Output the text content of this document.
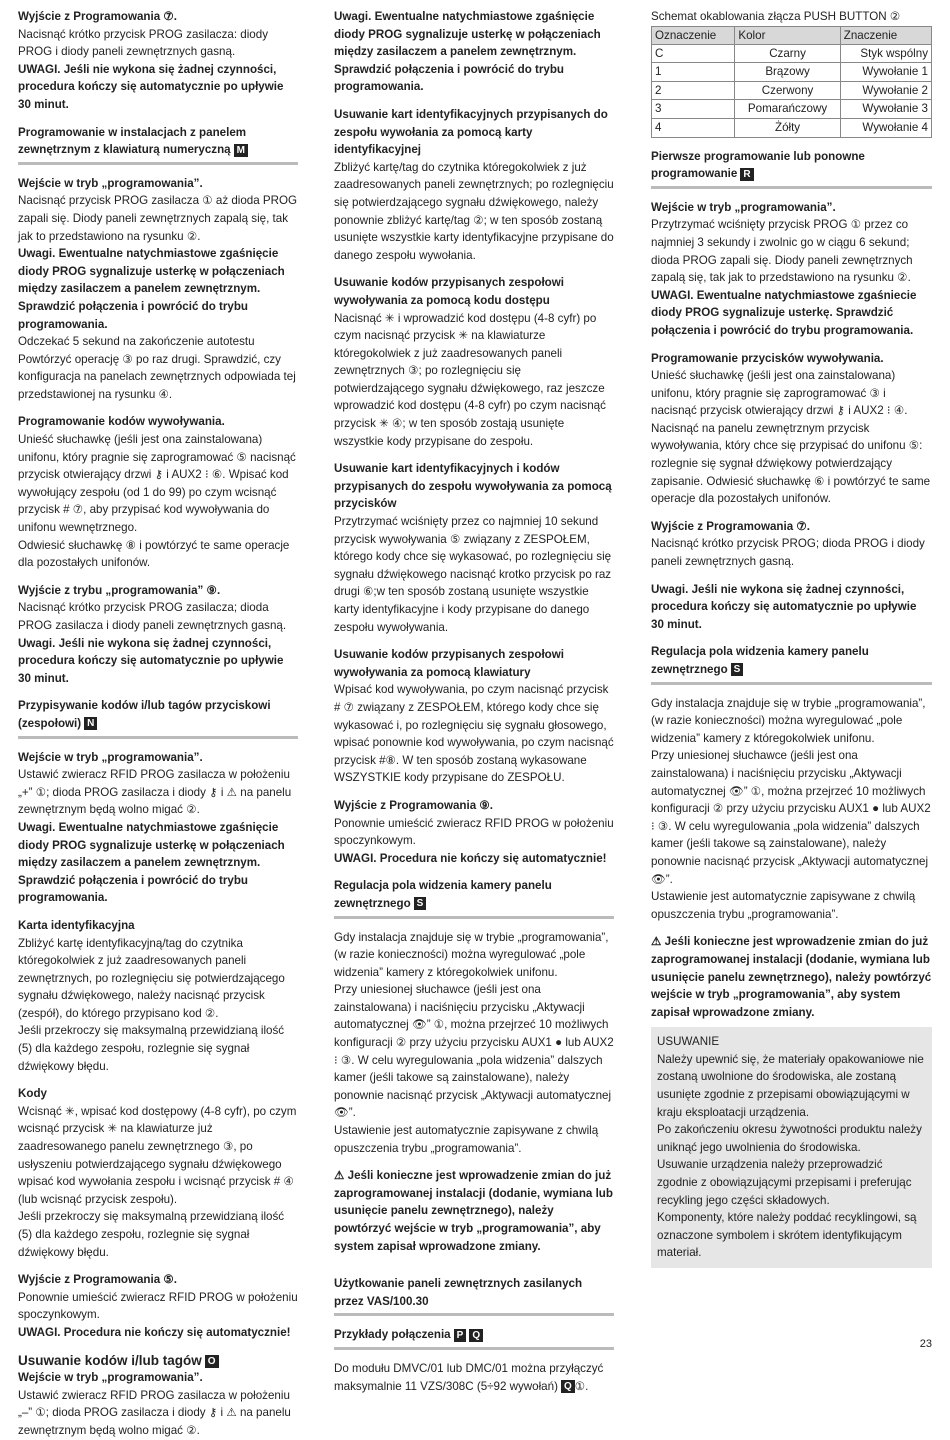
Wyjście z Programowania ⑦.

Nacisnąć krótko przycisk PROG zasilacza: diody PROG i diody paneli zewnętrznych gasną.

UWAGI. Jeśli nie wykona się żadnej czynności, procedura kończy się automatycznie po upływie 30 minut.

Programowanie w instalacjach z panelem zewnętrznym z klawiaturą numeryczną M

Wejście w tryb „programowania”.

Nacisnąć przycisk PROG zasilacza ① aż dioda PROG zapali się. Diody paneli zewnętrznych zapalą się, tak jak to przedstawiono na rysunku ②.

Uwagi. Ewentualne natychmiastowe zgaśnięcie diody PROG sygnalizuje usterkę w połączeniach między zasilaczem a panelem zewnętrznym. Sprawdzić połączenia i powrócić do trybu programowania.

Odczekać 5 sekund na zakończenie autotestu

Powtórzyć operację ③ po raz drugi. Sprawdzić, czy konfiguracja na panelach zewnętrznych odpowiada tej przedstawionej na rysunku ④.

Programowanie kodów wywoływania.

Unieść słuchawkę (jeśli jest ona zainstalowana) unifonu, który pragnie się zaprogramować ⑤ nacisnąć przycisk otwierający drzwi ⚷ i AUX2 ⁝ ⑥. Wpisać kod wywołujący zespołu (od 1 do 99) po czym wcisnąć przycisk # ⑦, aby przypisać kod wywoływania do unifonu wewnętrznego.

Odwiesić słuchawkę ⑧ i powtórzyć te same operacje dla pozostałych unifonów.

Wyjście z trybu „programowania” ⑨.

Nacisnąć krótko przycisk PROG zasilacza; dioda PROG zasilacza i diody paneli zewnętrznych gasną.

Uwagi. Jeśli nie wykona się żadnej czynności, procedura kończy się automatycznie po upływie 30 minut.

Przypisywanie kodów i/lub tagów przyciskowi (zespołowi) N

Wejście w tryb „programowania”.

Ustawić zwieracz RFID PROG zasilacza w położeniu „+” ①; dioda PROG zasilacza i diody ⚷ i ⚠ na panelu zewnętrznym będą wolno migać ②.

Uwagi. Ewentualne natychmiastowe zgaśnięcie diody PROG sygnalizuje usterkę w połączeniach między zasilaczem a panelem zewnętrznym. Sprawdzić połączenia i powrócić do trybu programowania.

Karta identyfikacyjna

Zbliżyć kartę identyfikacyjną/tag do czytnika któregokolwiek z już zaadresowanych paneli zewnętrznych, po rozlegnięciu się potwierdzającego sygnału dźwiękowego, należy nacisnąć przycisk (zespół), do którego przypisano kod ②.

Jeśli przekroczy się maksymalną przewidzianą ilość (5) dla każdego zespołu, rozlegnie się sygnał dźwiękowy błędu.

Kody

Wcisnąć ✳, wpisać kod dostępowy (4-8 cyfr), po czym wcisnąć przycisk ✳ na klawiaturze już zaadresowanego panelu zewnętrznego ③, po usłyszeniu potwierdzającego sygnału dźwiękowego wpisać kod wywołania zespołu i wcisnąć przycisk # ④ (lub wcisnąć przycisk zespołu).

Jeśli przekroczy się maksymalną przewidzianą ilość (5) dla każdego zespołu, rozlegnie się sygnał dźwiękowy błędu.

Wyjście z Programowania ⑤.

Ponownie umieścić zwieracz RFID PROG w położeniu spoczynkowym.

UWAGI. Procedura nie kończy się automatycznie!

Usuwanie kodów i/lub tagów O

Wejście w tryb „programowania”.

Ustawić zwieracz RFID PROG zasilacza w położeniu „–” ①; dioda PROG zasilacza i diody ⚷ i ⚠ na panelu zewnętrznym będą wolno migać ②.

Uwagi. Ewentualne natychmiastowe zgaśnięcie diody PROG sygnalizuje usterkę w połączeniach między zasilaczem a panelem zewnętrznym. Sprawdzić połączenia i powrócić do trybu programowania.

Usuwanie kart identyfikacyjnych przypisanych do zespołu wywołania za pomocą karty identyfikacyjnej

Zbliżyć kartę/tag do czytnika któregokolwiek z już zaadresowanych paneli zewnętrznych; po rozlegnięciu się potwierdzającego sygnału dźwiękowego, należy ponownie zbliżyć kartę/tag ②; w ten sposób zostaną usunięte wszystkie karty identyfikacyjne przypisane do danego zespołu wywołania.

Usuwanie kodów przypisanych zespołowi wywoływania za pomocą kodu dostępu

Nacisnąć ✳ i wprowadzić kod dostępu (4-8 cyfr) po czym nacisnąć przycisk ✳ na klawiaturze któregokolwiek z już zaadresowanych paneli zewnętrznych ③; po rozlegnięciu się potwierdzającego sygnału dźwiękowego, raz jeszcze wprowadzić kod dostępu (4-8 cyfr) po czym nacisnąć przycisk ✳ ④; w ten sposób zostają usunięte wszystkie kody przypisane do zespołu.

Usuwanie kart identyfikacyjnych i kodów przypisanych do zespołu wywoływania za pomocą przycisków

Przytrzymać wciśnięty przez co najmniej 10 sekund przycisk wywoływania ⑤ związany z ZESPOŁEM, którego kody chce się wykasować, po rozlegnięciu się sygnału dźwiękowego nacisnąć krotko przycisk po raz drugi ⑥;w ten sposób zostaną usunięte wszystkie karty identyfikacyjne i kody przypisane do danego zespołu wywoływania.

Usuwanie kodów przypisanych zespołowi wywoływania za pomocą klawiatury

Wpisać kod wywoływania, po czym nacisnąć przycisk # ⑦ związany z ZESPOŁEM, którego kody chce się wykasować i, po rozlegnięciu się sygnału głosowego, wpisać ponownie kod wywoływania, po czym nacisnąć przycisk #⑧. W ten sposób zostaną wykasowane WSZYSTKIE kody przypisane do ZESPOŁU.

Wyjście z Programowania ⑨.

Ponownie umieścić zwieracz RFID PROG w położeniu spoczynkowym.

UWAGI. Procedura nie kończy się automatycznie!

Regulacja pola widzenia kamery panelu zewnętrznego S

Gdy instalacja znajduje się w trybie „programowania”, (w razie konieczności) można wyregulować „pole widzenia” kamery z któregokolwiek unifonu.

Przy uniesionej słuchawce (jeśli jest ona zainstalowana) i naciśnięciu przycisku „Aktywacji automatycznej 👁” ①, można przejrzeć 10 możliwych konfiguracji ② przy użyciu przycisku AUX1 ● lub AUX2 ⁝ ③. W celu wyregulowania „pola widzenia” dalszych kamer (jeśli takowe są zainstalowane), należy ponownie nacisnąć przycisk „Aktywacji automatycznej 👁”.

Ustawienie jest automatycznie zapisywane z chwilą opuszczenia trybu „programowania”.

⚠ Jeśli konieczne jest wprowadzenie zmian do już zaprogramowanej instalacji (dodanie, wymiana lub usunięcie panelu zewnętrznego), należy powtórzyć wejście w tryb „programowania”, aby system zapisał wprowadzone zmiany.

Użytkowanie paneli zewnętrznych zasilanych przez VAS/100.30

Przykłady połączenia P Q

Do modułu DMVC/01 lub DMC/01 można przyłączyć maksymalnie 11 VZS/308C (5÷92 wywołań) Q ①.

Schemat okablowania złącza PUSH BUTTON ②

Oznaczenie	Kolor	Znaczenie
C	Czarny	Styk wspólny
1	Brązowy	Wywołanie 1
2	Czerwony	Wywołanie 2
3	Pomarańczowy	Wywołanie 3
4	Żółty	Wywołanie 4

Pierwsze programowanie lub ponowne programowanie R

Wejście w tryb „programowania”.

Przytrzymać wciśnięty przycisk PROG ① przez co najmniej 3 sekundy i zwolnic go w ciągu 6 sekund; dioda PROG zapali się. Diody paneli zewnętrznych zapalą się, tak jak to przedstawiono na rysunku ②.

UWAGI. Ewentualne natychmiastowe zgaśniecie diody PROG sygnalizuje usterkę. Sprawdzić połączenia i powrócić do trybu programowania.

Programowanie przycisków wywoływania.

Unieść słuchawkę (jeśli jest ona zainstalowana) unifonu, który pragnie się zaprogramować ③ i nacisnąć przycisk otwierający drzwi ⚷ i AUX2 ⁝ ④. Nacisnąć na panelu zewnętrznym przycisk wywoływania, który chce się przypisać do unifonu ⑤: rozlegnie się sygnał dźwiękowy potwierdzający zapisanie. Odwiesić słuchawkę ⑥ i powtórzyć te same operacje dla pozostałych unifonów.

Wyjście z Programowania ⑦.

Nacisnąć krótko przycisk PROG; dioda PROG i diody paneli zewnętrznych gasną.

Uwagi. Jeśli nie wykona się żadnej czynności, procedura kończy się automatycznie po upływie 30 minut.

Regulacja pola widzenia kamery panelu zewnętrznego S

Gdy instalacja znajduje się w trybie „programowania”, (w razie konieczności) można wyregulować „pole widzenia” kamery z któregokolwiek unifonu.

Przy uniesionej słuchawce (jeśli jest ona zainstalowana) i naciśnięciu przycisku „Aktywacji automatycznej 👁” ①, można przejrzeć 10 możliwych konfiguracji ② przy użyciu przycisku AUX1 ● lub AUX2 ⁝ ③. W celu wyregulowania „pola widzenia” dalszych kamer (jeśli takowe są zainstalowane), należy ponownie nacisnąć przycisk „Aktywacji automatycznej 👁”.

Ustawienie jest automatycznie zapisywane z chwilą opuszczenia trybu „programowania”.

⚠ Jeśli konieczne jest wprowadzenie zmian do już zaprogramowanej instalacji (dodanie, wymiana lub usunięcie panelu zewnętrznego), należy powtórzyć wejście w tryb „programowania”, aby system zapisał wprowadzone zmiany.

USUWANIE

Należy upewnić się, że materiały opakowaniowe nie zostaną uwolnione do środowiska, ale zostaną usunięte zgodnie z przepisami obowiązującymi w kraju eksploatacji urządzenia.

Po zakończeniu okresu żywotności produktu należy uniknąć jego uwolnienia do środowiska.

Usuwanie urządzenia należy przeprowadzić zgodnie z obowiązującymi przepisami i preferując recykling jego części składowych.

Komponenty, które należy poddać recyklingowi, są oznaczone symbolem i skrótem identyfikującym materiał.

23
